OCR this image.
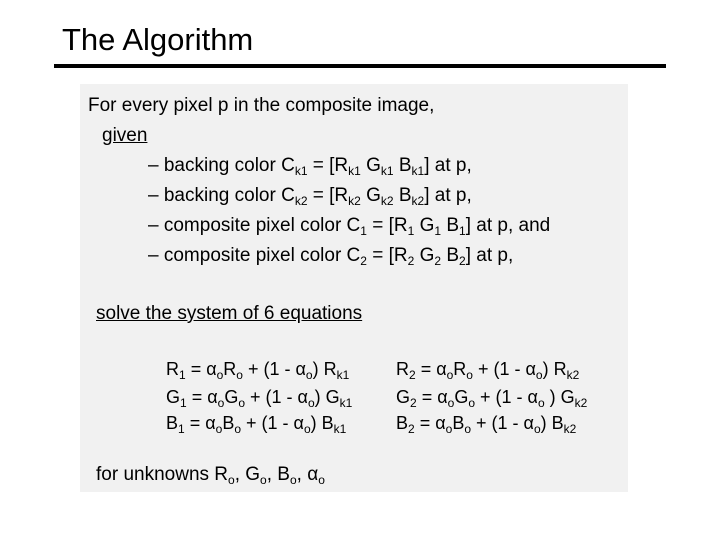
The Algorithm
For every pixel p in the composite image,
given
– backing color $C_{k1} = [R_{k1}$ $G_{k1}$ $B_{k1}$] at p,
– backing color $C_{k2} = [R_{k2}$ $G_{k2}$ $B_{k2}$] at p,
– composite pixel color $C_1 = [R_1$ $G_1$ $B_1$] at p, and
– composite pixel color $C_2 = [R_2$ $G_2$ $B_2$] at p,
solve the system of 6 equations
$R_1 = \alpha_oR_o + (1 - \alpha_o)$ $R_{k1}$
$G_1 = \alpha_oG_o + (1 - \alpha_o)$ $G_{k1}$
$B_1 = \alpha_oB_o + (1 - \alpha_o)$ $B_{k1}$
$R_2 = \alpha_oR_o + (1 - \alpha_o)$ $R_{k2}$
$G_2 = \alpha_oG_o + (1 - \alpha_o$ ) $G_{k2}$
$B_2 = \alpha_oB_o + (1 - \alpha_o)$ $B_{k2}$
for unknowns $R_o$, $G_o$, $B_o$, $\alpha_o$
